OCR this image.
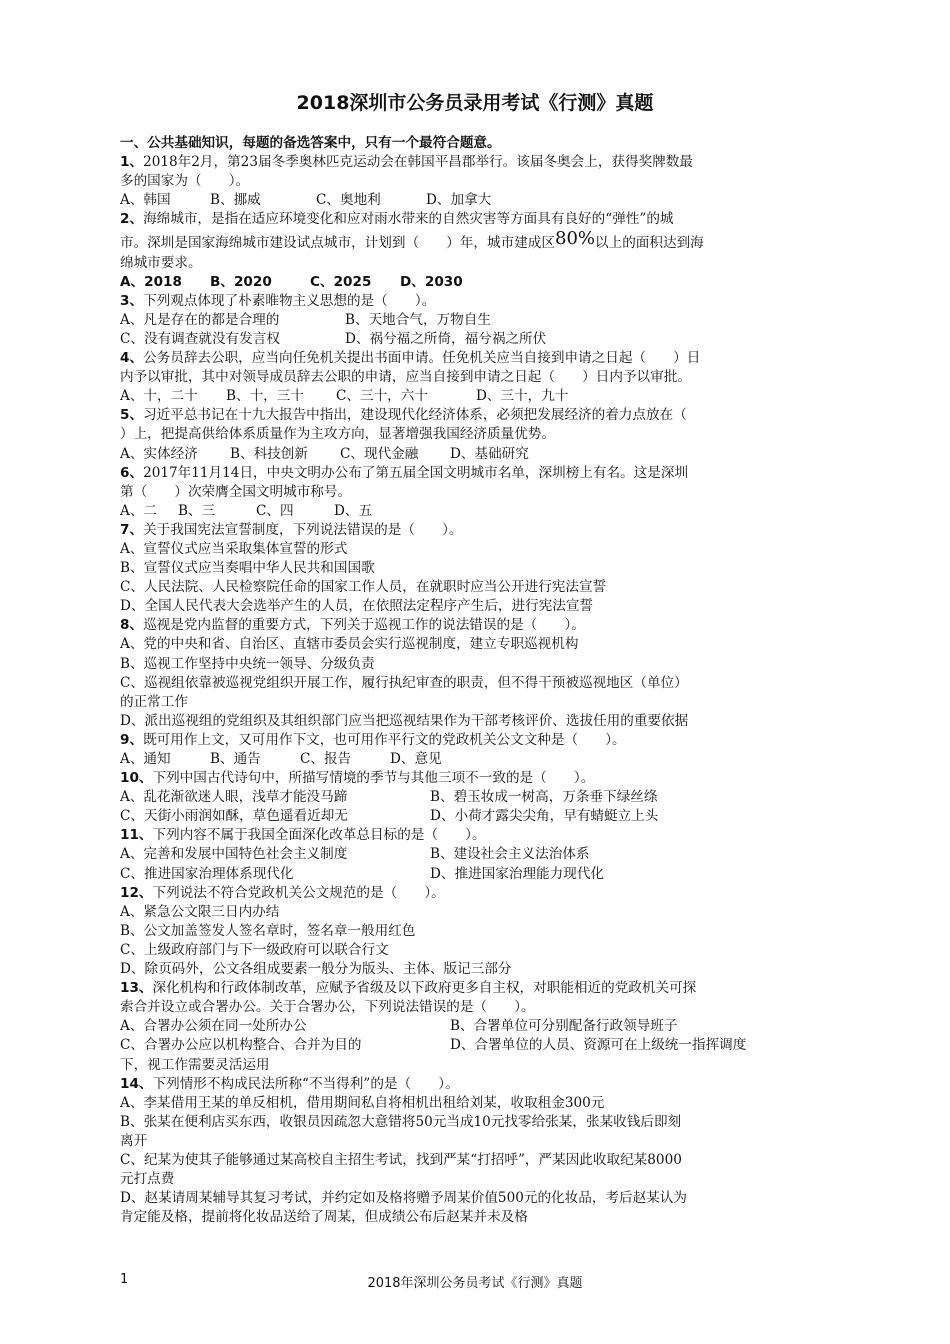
2018深圳市公务员录用考试《行测》真题
一、公共基础知识，每题的备选答案中，只有一个最符合题意。
1、2018年2月，第23届冬季奥林匹克运动会在韩国平昌郡举行。该届冬奥会上，获得奖牌数最
多的国家为（　　）。
A、韩国	B、挪威	C、奥地利	D、加拿大
2、海绵城市，是指在适应环境变化和应对雨水带来的自然灾害等方面具有良好的“弹性”的城
市。深圳是国家海绵城市建设试点城市，计划到（　　）年，城市建成区80%以上的面积达到海
绵城市要求。
A、2018 B、2020	C、2025 D、2030
3、下列观点体现了朴素唯物主义思想的是（　　）。
A、凡是存在的都是合理的	B、天地合气，万物自生
C、没有调查就没有发言权	D、祸兮福之所倚，福兮祸之所伏
4、公务员辞去公职，应当向任免机关提出书面申请。任免机关应当自接到申请之日起（　　）日
内予以审批，其中对领导成员辞去公职的申请，应当自接到申请之日起（　　）日内予以审批。
A、十，二十 B、十，三十 C、三十，六十	D、三十，九十
5、习近平总书记在十九大报告中指出，建设现代化经济体系，必须把发展经济的着力点放在（
）上，把提高供给体系质量作为主攻方向，显著增强我国经济质量优势。
A、实体经济 B、科技创新 C、现代金融 D、基础研究
6、2017年11月14日，中央文明办公布了第五届全国文明城市名单，深圳榜上有名。这是深圳
第（　　）次荣膺全国文明城市称号。
A、二 B、三	C、四	D、五
7、关于我国宪法宣誓制度，下列说法错误的是（　　）。
A、宣誓仪式应当采取集体宣誓的形式
B、宣誓仪式应当奏唱中华人民共和国国歌
C、人民法院、人民检察院任命的国家工作人员，在就职时应当公开进行宪法宣誓
D、全国人民代表大会选举产生的人员，在依照法定程序产生后，进行宪法宣誓
8、巡视是党内监督的重要方式，下列关于巡视工作的说法错误的是（　　）。
A、党的中央和省、自治区、直辖市委员会实行巡视制度，建立专职巡视机构
B、巡视工作坚持中央统一领导、分级负责
C、巡视组依靠被巡视党组织开展工作，履行执纪审查的职责，但不得干预被巡视地区（单位）
的正常工作
D、派出巡视组的党组织及其组织部门应当把巡视结果作为干部考核评价、选拔任用的重要依据
9、既可用作上文，又可用作下文，也可用作平行文的党政机关公文文种是（　　）。
A、通知	B、通告	C、报告	D、意见
10、下列中国古代诗句中，所描写情境的季节与其他三项不一致的是（　　）。
A、乱花渐欲迷人眼，浅草才能没马蹄	B、碧玉妆成一树高，万条垂下绿丝绦
C、天街小雨润如酥，草色遥看近却无	D、小荷才露尖尖角，早有蜻蜓立上头
11、下列内容不属于我国全面深化改革总目标的是（　　）。
A、完善和发展中国特色社会主义制度	B、建设社会主义法治体系
C、推进国家治理体系现代化	D、推进国家治理能力现代化
12、下列说法不符合党政机关公文规范的是（　　）。
A、紧急公文限三日内办结
B、公文加盖签发人签名章时，签名章一般用红色
C、上级政府部门与下一级政府可以联合行文
D、除页码外，公文各组成要素一般分为版头、主体、版记三部分
13、深化机构和行政体制改革，应赋予省级及以下政府更多自主权，对职能相近的党政机关可探
索合并设立或合署办公。关于合署办公，下列说法错误的是（　　）。
A、合署办公须在同一处所办公	B、合署单位可分别配备行政领导班子
C、合署办公应以机构整合、合并为目的	D、合署单位的人员、资源可在上级统一指挥调度
下，视工作需要灵活运用
14、下列情形不构成民法所称“不当得利”的是（　　）。
A、李某借用王某的单反相机，借用期间私自将相机出租给刘某，收取租金300元
B、张某在便利店买东西，收银员因疏忽大意错将50元当成10元找零给张某，张某收钱后即刻
离开
C、纪某为使其子能够通过某高校自主招生考试，找到严某“打招呼”，严某因此收取纪某8000
元打点费
D、赵某请周某辅导其复习考试，并约定如及格将赠予周某价值500元的化妆品，考后赵某认为
肯定能及格，提前将化妆品送给了周某，但成绩公布后赵某并未及格
1	2018年深圳公务员考试《行测》真题
